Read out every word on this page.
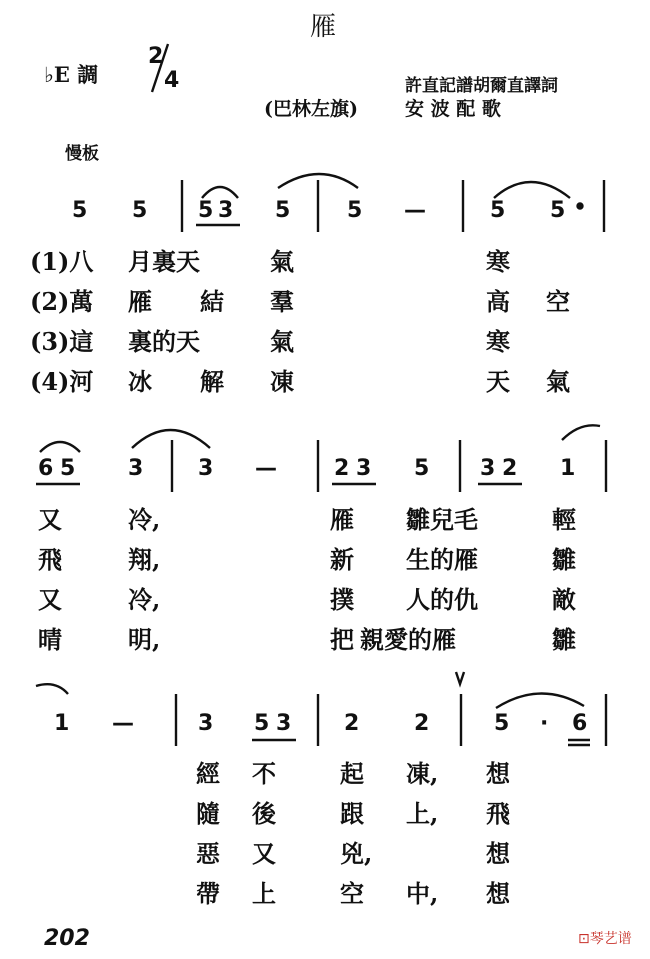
雁
♭E 調
2
4	許直記譜胡爾直譯詞
(巴林左旗) 安 波 配 歌
慢板
5 5 5 3 5	5 —	5 5
(1)八 月裏天	氣	寒
(2)萬 雁 結 羣	高 空
(3)這 裏的天	氣	寒
(4)河 冰 解 凍	天 氣
6 5 3 3 —	2 3 5 3 2 1
又	冷,	雁 雛兒毛	輕
飛	翔,	新 生的雁	雛
又	冷,	撲 人的仇	敵
晴	明,	把 親愛的雁	雛
1 —	3 5 3 2 2	5 · 6
經 不	起 凍, 想
隨 後	跟 上, 飛
惡 又	兇,	想
帶 上	空 中, 想
202	⊡琴艺谱
